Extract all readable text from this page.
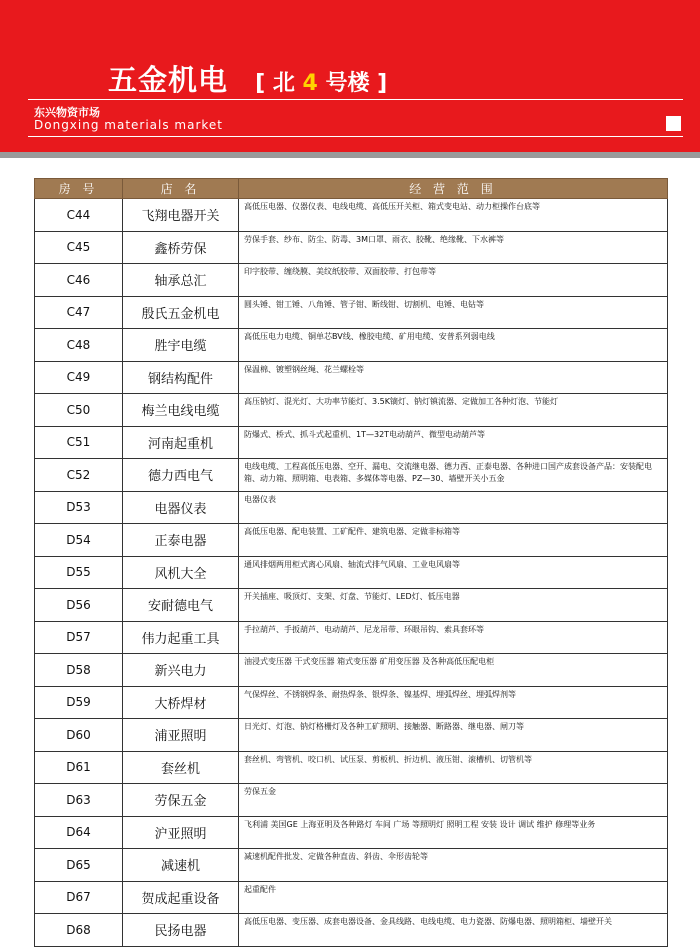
五金机电 [ 北 4 号楼 ]
东兴物资市场
Dongxing materials market
房 号	店 名	经 营 范 围
C44	飞翔电器开关	高低压电器、仪器仪表、电线电缆、高低压开关柜、箱式变电站、动力柜操作台底等
C45	鑫桥劳保	劳保手套、纱布、防尘、防毒、3M口罩、雨衣、胶靴、绝缘靴、下水裤等
C46	轴承总汇	印字胶带、缠绕膜、美纹纸胶带、双面胶带、打包带等
C47	殷氏五金机电	圆头锤、钳工锤、八角锤、管子钳、断线钳、切割机、电锤、电钻等
C48	胜宇电缆	高低压电力电缆、铜单芯BV线、橡胶电缆、矿用电缆、安普系列弱电线
C49	钢结构配件	保温棉、镀塑钢丝绳、花兰螺栓等
C50	梅兰电线电缆	高压钠灯、混光灯、大功率节能灯、3.5K镝灯、钠灯镇流器、定做加工各种灯泡、节能灯
C51	河南起重机	防爆式、桥式、抓斗式起重机、1T—32T电动葫芦、微型电动葫芦等
C52	德力西电气	电线电缆、工程高低压电器、空开、漏电、交流继电器、德力西、正泰电器、各种进口国产成套设备产品：安装配电箱、动力箱、照明箱、电表箱、多媒体等电器、PZ—30、墙壁开关小五金
D53	电器仪表	电器仪表
D54	正泰电器	高低压电器、配电装置、工矿配件、建筑电器、定做非标箱等
D55	风机大全	通风排烟两用柜式离心风扇、轴流式排气风扇、工业电风扇等
D56	安耐德电气	开关插座、吸顶灯、支架、灯盘、节能灯、LED灯、低压电器
D57	伟力起重工具	手拉葫芦、手扳葫芦、电动葫芦、尼龙吊带、环眼吊钩、索具套环等
D58	新兴电力	油浸式变压器 干式变压器 箱式变压器 矿用变压器 及各种高低压配电柜
D59	大桥焊材	气保焊丝、不锈钢焊条、耐热焊条、银焊条、镍基焊、埋弧焊丝、埋弧焊剂等
D60	浦亚照明	日光灯、灯泡、钠灯格栅灯及各种工矿照明、接触器、断路器、继电器、闸刀等
D61	套丝机	套丝机、弯管机、咬口机、试压泵、剪板机、折边机、液压钳、滚槽机、切管机等
D63	劳保五金	劳保五金
D64	沪亚照明	飞利浦 美国GE 上海亚明及各种路灯 车间 广场 等照明灯 照明工程 安装 设计 调试 维护 修理等业务
D65	减速机	减速机配件批发、定做各种直齿、斜齿、伞形齿轮等
D67	贺成起重设备	起重配件
D68	民扬电器	高低压电器、变压器、成套电器设备、金具线路、电线电缆、电力瓷器、防爆电器、照明箱柜、墙壁开关
